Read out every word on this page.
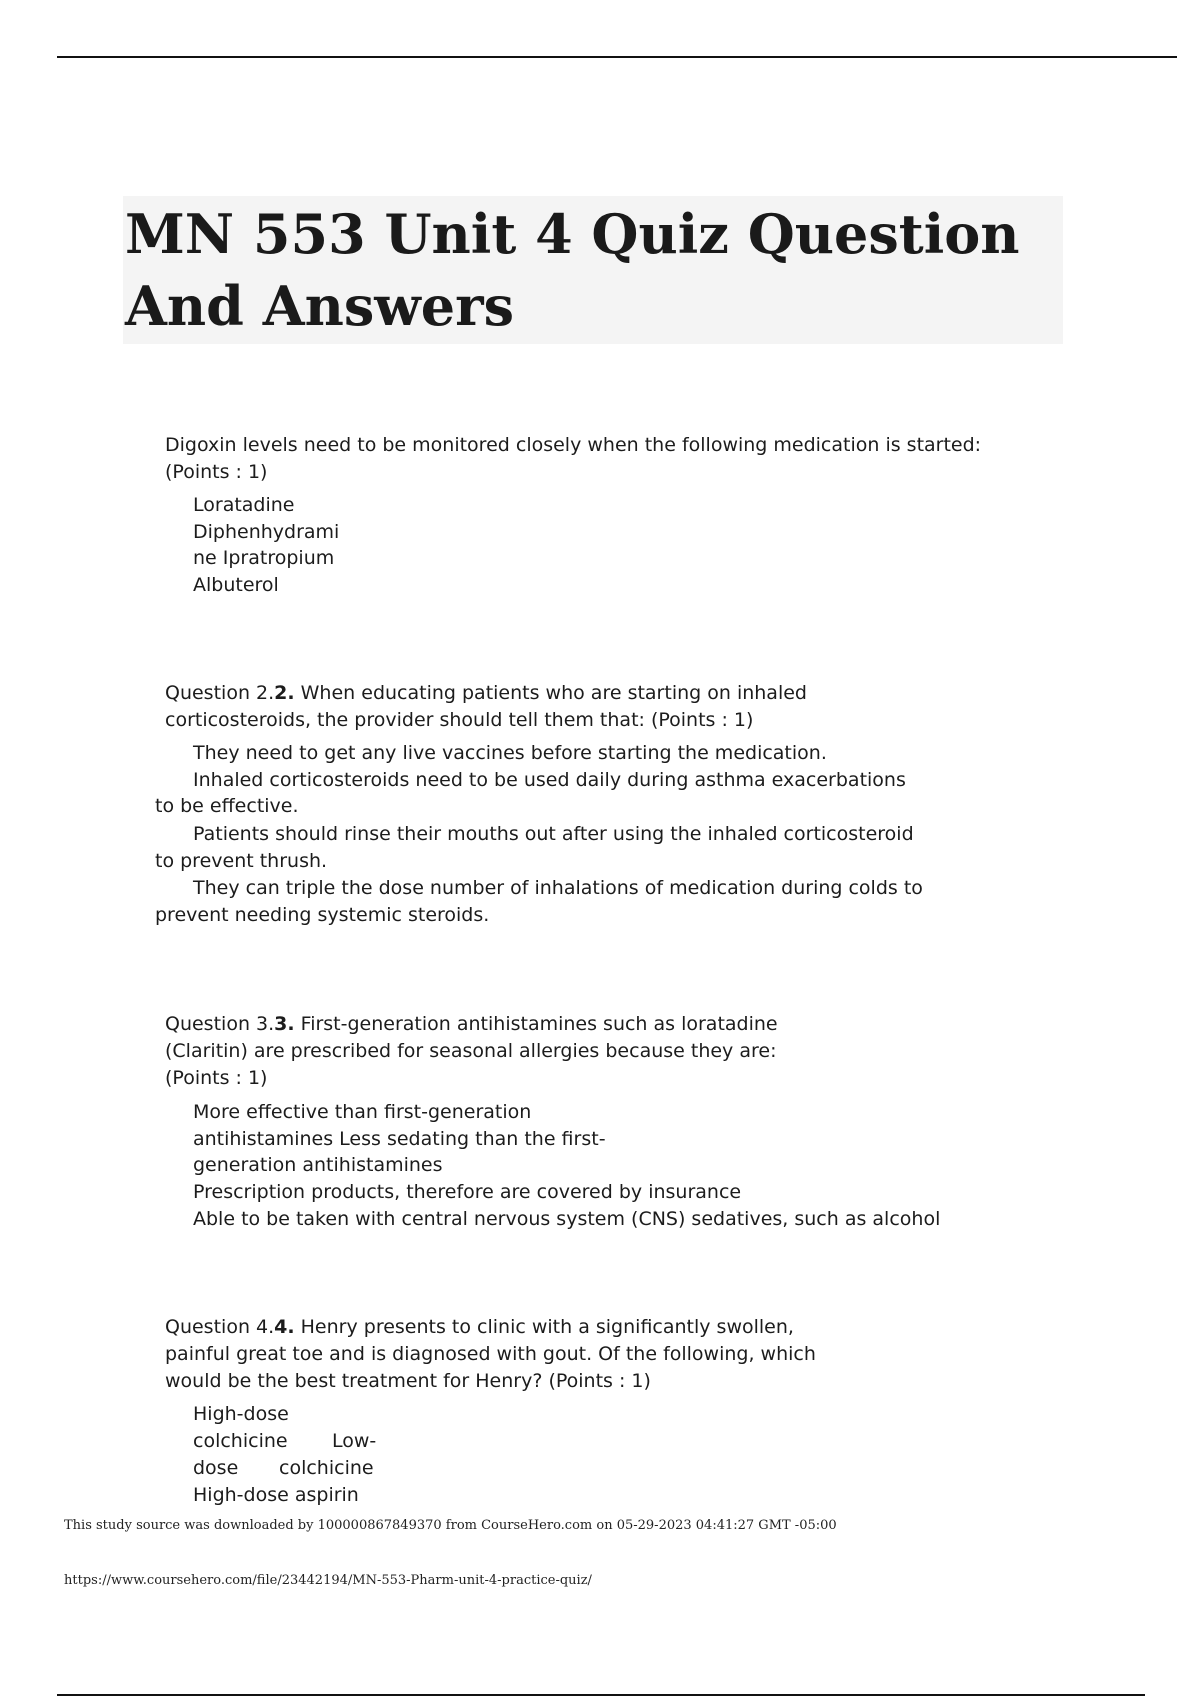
MN 553 Unit 4 Quiz Question
And Answers

Digoxin levels need to be monitored closely when the following medication is started: (Points : 1)

Loratadine
Diphenhydrami
ne Ipratropium
Albuterol

Question 2.2. When educating patients who are starting on inhaled corticosteroids, the provider should tell them that: (Points : 1)

They need to get any live vaccines before starting the medication.
Inhaled corticosteroids need to be used daily during asthma exacerbations
to be effective.
Patients should rinse their mouths out after using the inhaled corticosteroid
to prevent thrush.
They can triple the dose number of inhalations of medication during colds to
prevent needing systemic steroids.

Question 3.3. First-generation antihistamines such as loratadine (Claritin) are prescribed for seasonal allergies because they are: (Points : 1)

More effective than first-generation
antihistamines Less sedating than the first-
generation antihistamines
Prescription products, therefore are covered by insurance
Able to be taken with central nervous system (CNS) sedatives, such as alcohol

Question 4.4. Henry presents to clinic with a significantly swollen, painful great toe and is diagnosed with gout. Of the following, which would be the best treatment for Henry? (Points : 1)

High-dose
colchicine Low-
dose colchicine
High-dose aspirin
This study source was downloaded by 100000867849370 from CourseHero.com on 05-29-2023 04:41:27 GMT -05:00
https://www.coursehero.com/file/23442194/MN-553-Pharm-unit-4-practice-quiz/
